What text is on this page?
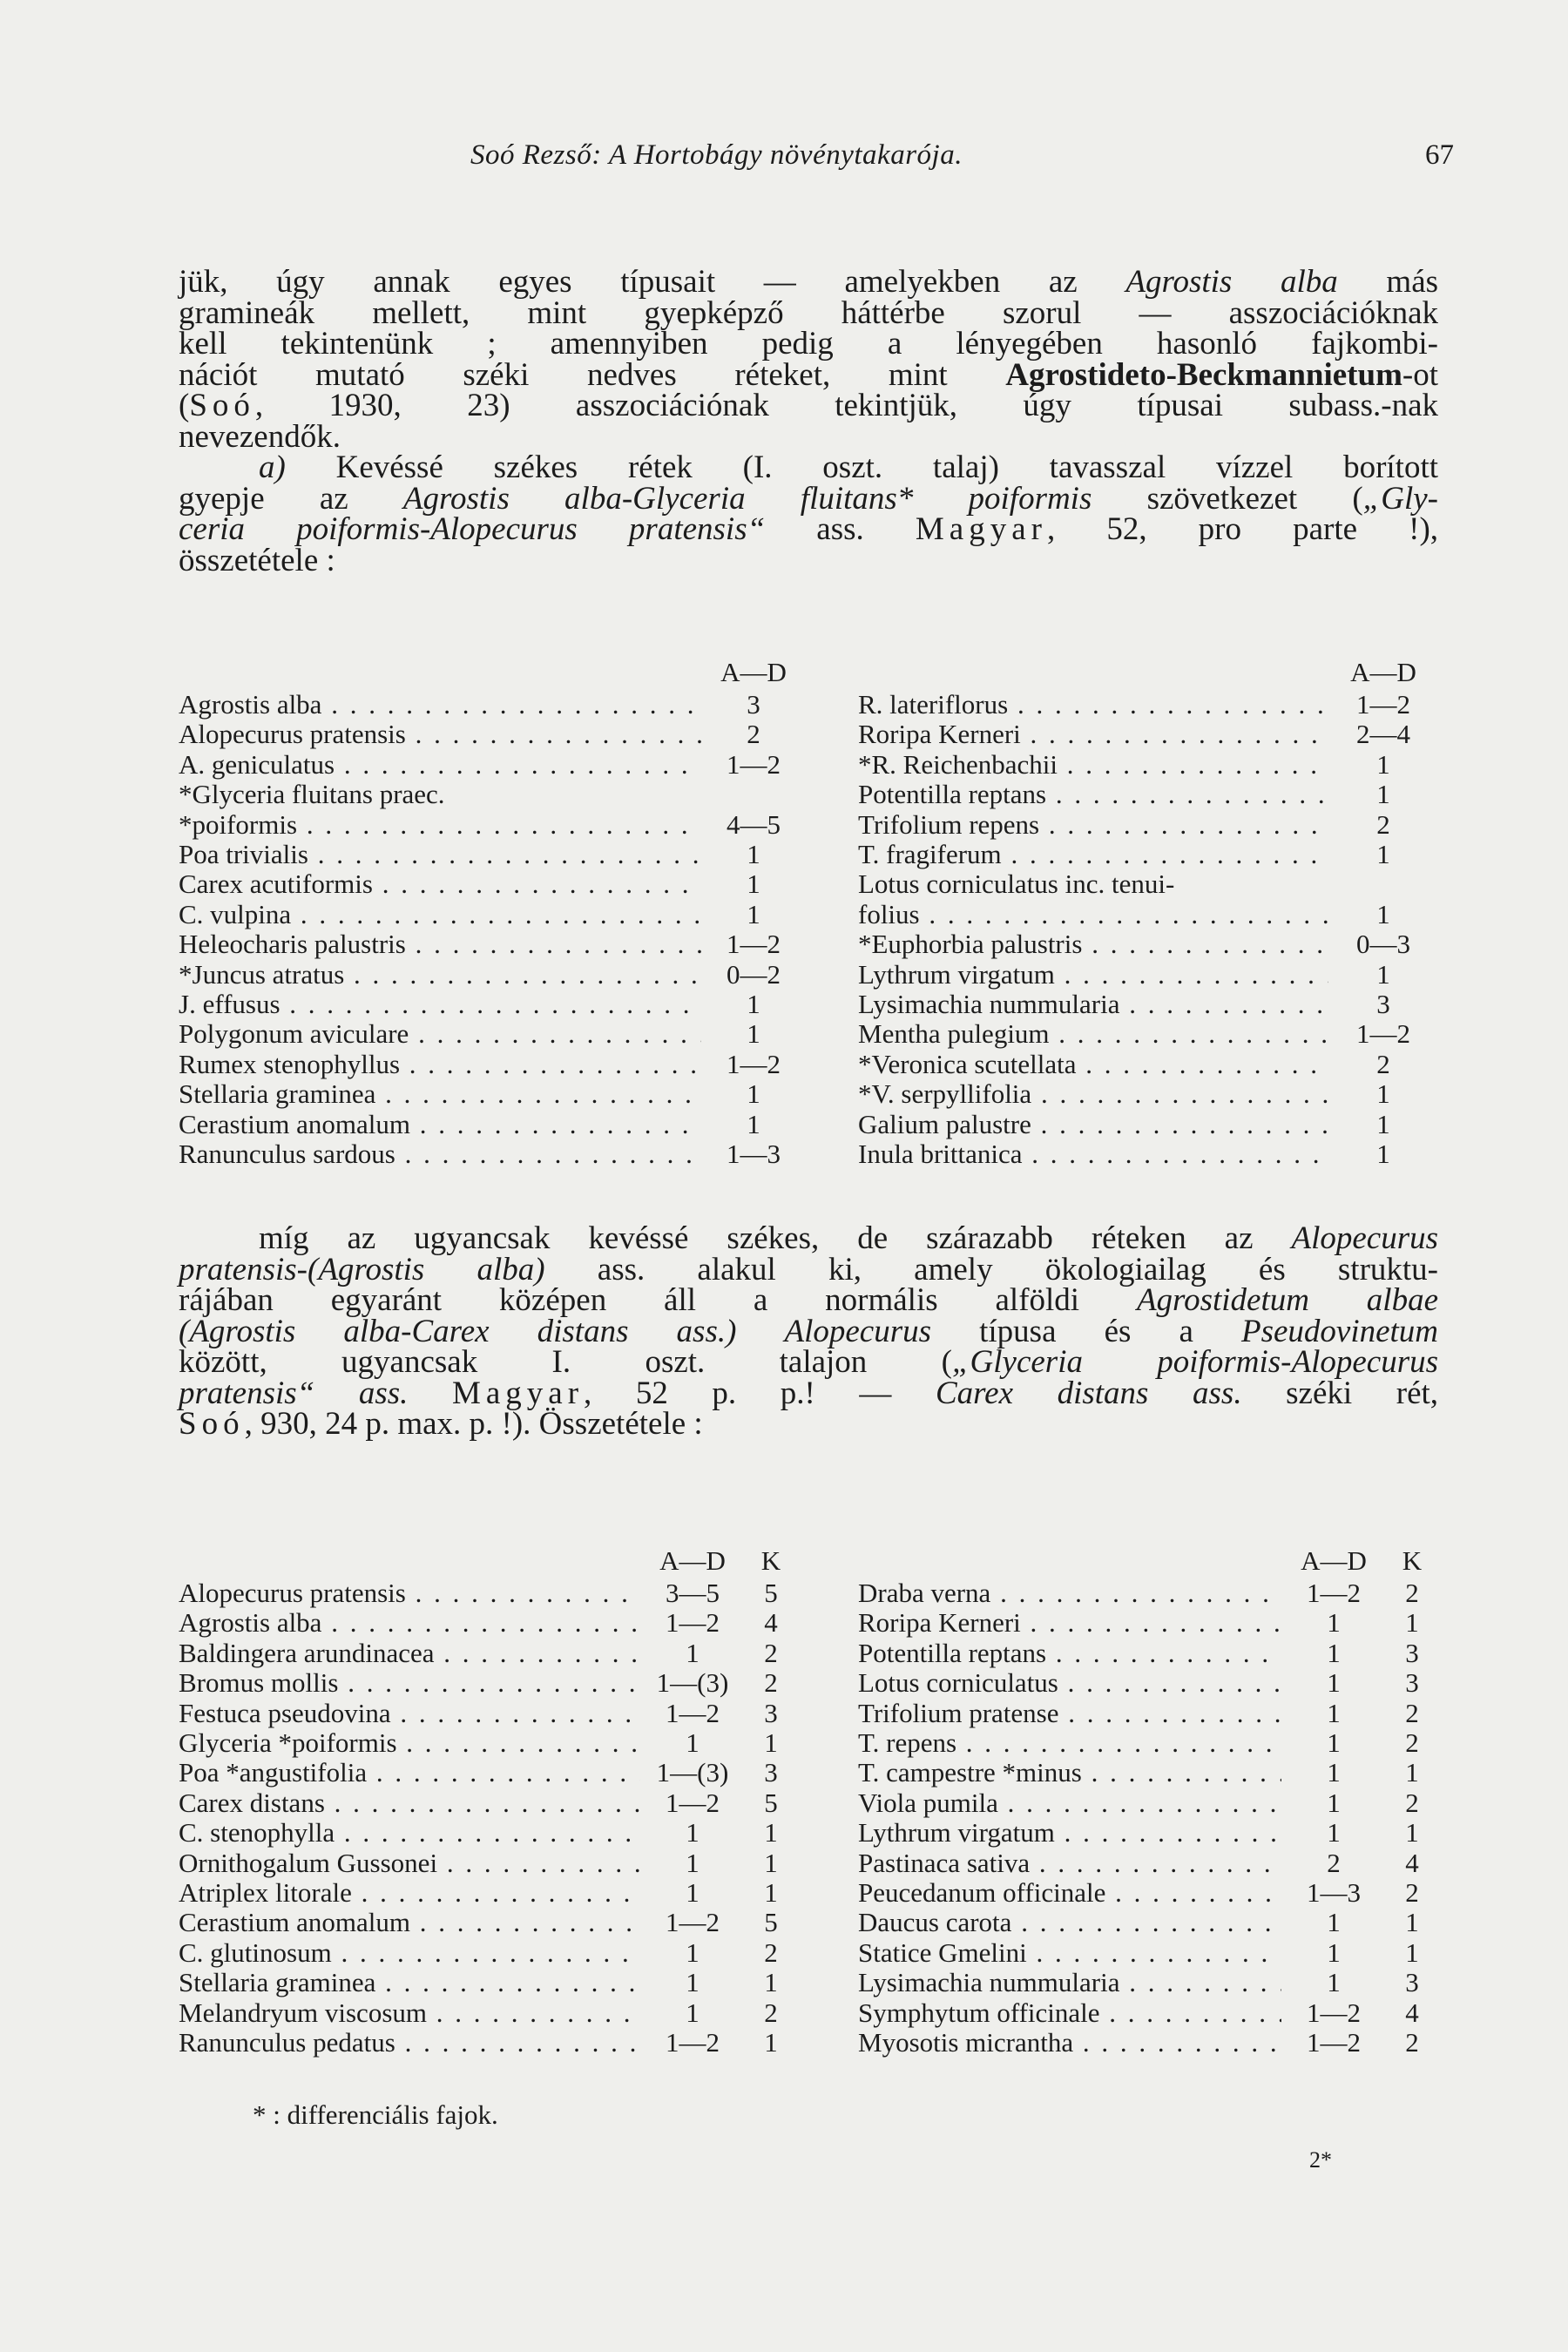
Soó Rezső: A Hortobágy növénytakarója.	67

jük, úgy annak egyes típusait — amelyekben az Agrostis alba más

gramineák mellett, mint gyepképző háttérbe szorul — asszociációknak

kell tekintenünk ; amennyiben pedig a lényegében hasonló fajkombi-

nációt mutató széki nedves réteket, mint Agrostideto-Beckmannietum-ot

(Soó, 1930, 23) asszociációnak tekintjük, úgy típusai subass.-nak

nevezendők.

a) Kevéssé székes rétek (I. oszt. talaj) tavasszal vízzel borított

gyepje az Agrostis alba-Glyceria fluitans* poiformis szövetkezet („Gly-

ceria poiformis-Alopecurus pratensis“ ass. Magyar, 52, pro parte !),

összetétele :

	A—D			A—D
Agrostis alba . . .	3		R. lateriflorus . . .	1—2
Alopecurus pratensis . . .	2		Roripa Kerneri . . .	2—4
A. geniculatus . . .	1—2		*R. Reichenbachii . . .	1
*Glyceria fluitans praec.			Potentilla reptans . . .	1
*poiformis . . .	4—5		Trifolium repens . . .	2
Poa trivialis . . .	1		T. fragiferum . . .	1
Carex acutiformis . . .	1		Lotus corniculatus inc. tenui-	
C. vulpina . . .	1		folius . . .	1
Heleocharis palustris . . .	1—2		*Euphorbia palustris . . .	0—3
*Juncus atratus . . .	0—2		Lythrum virgatum . . .	1
J. effusus . . .	1		Lysimachia nummularia . . .	3
Polygonum aviculare . . .	1		Mentha pulegium . . .	1—2
Rumex stenophyllus . . .	1—2		*Veronica scutellata . . .	2
Stellaria graminea . . .	1		*V. serpyllifolia . . .	1
Cerastium anomalum . . .	1		Galium palustre . . .	1
Ranunculus sardous . . .	1—3		Inula brittanica . . .	1

míg az ugyancsak kevéssé székes, de szárazabb réteken az Alopecurus

pratensis-(Agrostis alba) ass. alakul ki, amely ökologiailag és struktu-

rájában egyaránt középen áll a normális alföldi Agrostidetum albae

(Agrostis alba-Carex distans ass.) Alopecurus típusa és a Pseudovinetum

között, ugyancsak I. oszt. talajon („Glyceria poiformis-Alopecurus

pratensis“ ass. Magyar, 52 p. p.! — Carex distans ass. széki rét,

Soó, 930, 24 p. max. p. !). Összetétele :

	A—D	K			A—D	K
Alopecurus pratensis . . .	3—5	5		Draba verna . . .	1—2	2
Agrostis alba . . .	1—2	4		Roripa Kerneri . . .	1	1
Baldingera arundinacea . . .	1	2		Potentilla reptans . . .	1	3
Bromus mollis . . .	1—(3)	2		Lotus corniculatus . . .	1	3
Festuca pseudovina . . .	1—2	3		Trifolium pratense . . .	1	2
Glyceria *poiformis . . .	1	1		T. repens . . .	1	2
Poa *angustifolia . . .	1—(3)	3		T. campestre *minus . . .	1	1
Carex distans . . .	1—2	5		Viola pumila . . .	1	2
C. stenophylla . . .	1	1		Lythrum virgatum . . .	1	1
Ornithogalum Gussonei . . .	1	1		Pastinaca sativa . . .	2	4
Atriplex litorale . . .	1	1		Peucedanum officinale . . .	1—3	2
Cerastium anomalum . . .	1—2	5		Daucus carota . . .	1	1
C. glutinosum . . .	1	2		Statice Gmelini . . .	1	1
Stellaria graminea . . .	1	1		Lysimachia nummularia . . .	1	3
Melandryum viscosum . . .	1	2		Symphytum officinale . . .	1—2	4
Ranunculus pedatus . . .	1—2	1		Myosotis micrantha . . .	1—2	2
* : differenciális fajok.
2*
